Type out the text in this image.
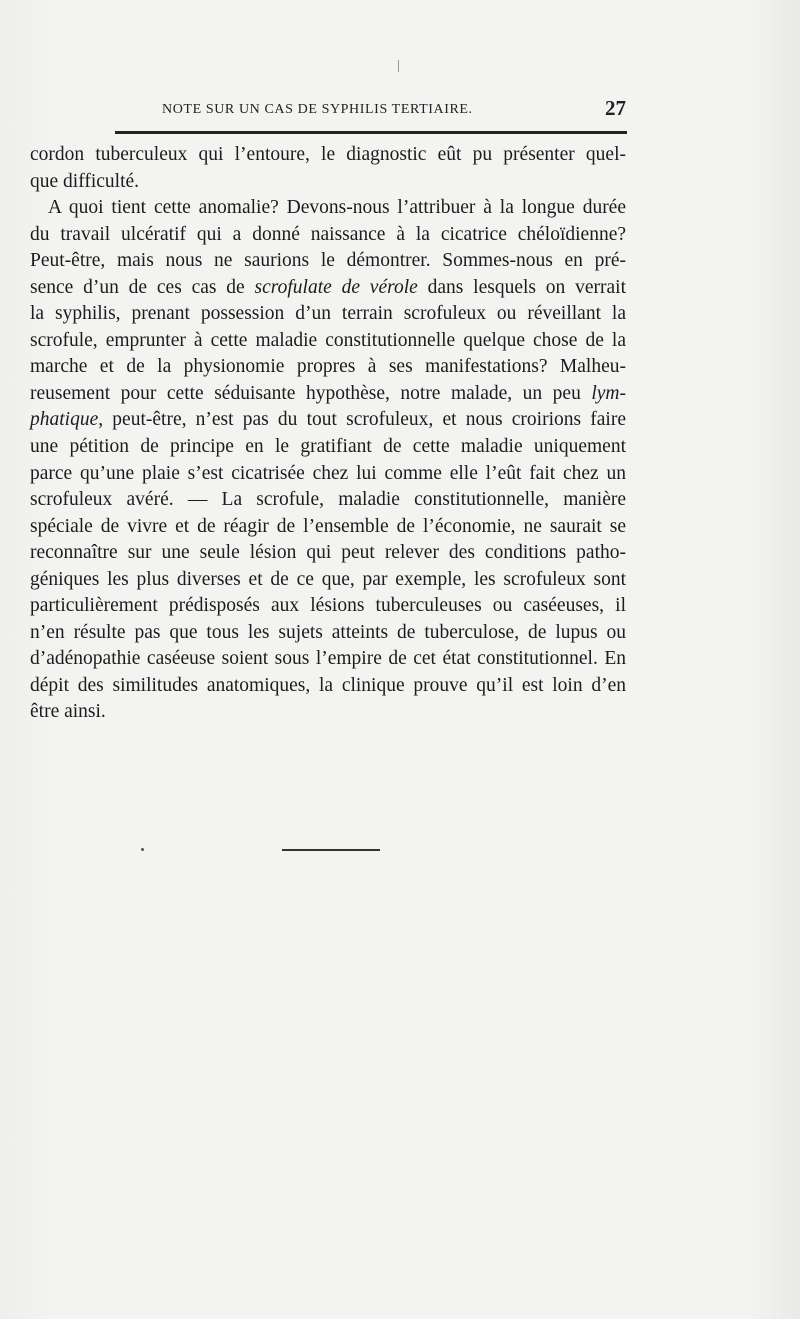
NOTE SUR UN CAS DE SYPHILIS TERTIAIRE.	27
cordon tuberculeux qui l’entoure, le diagnostic eût pu présenter quel-
que difficulté.
A quoi tient cette anomalie? Devons-nous l’attribuer à la longue durée
du travail ulcératif qui a donné naissance à la cicatrice chéloïdienne?
Peut-être, mais nous ne saurions le démontrer. Sommes-nous en pré-
sence d’un de ces cas de scrofulate de vérole dans lesquels on verrait
la syphilis, prenant possession d’un terrain scrofuleux ou réveillant la
scrofule, emprunter à cette maladie constitutionnelle quelque chose de la
marche et de la physionomie propres à ses manifestations? Malheu-
reusement pour cette séduisante hypothèse, notre malade, un peu lym-
phatique, peut-être, n’est pas du tout scrofuleux, et nous croirions faire
une pétition de principe en le gratifiant de cette maladie uniquement
parce qu’une plaie s’est cicatrisée chez lui comme elle l’eût fait chez un
scrofuleux avéré. — La scrofule, maladie constitutionnelle, manière
spéciale de vivre et de réagir de l’ensemble de l’économie, ne saurait se
reconnaître sur une seule lésion qui peut relever des conditions patho-
géniques les plus diverses et de ce que, par exemple, les scrofuleux sont
particulièrement prédisposés aux lésions tuberculeuses ou caséeuses, il
n’en résulte pas que tous les sujets atteints de tuberculose, de lupus ou
d’adénopathie caséeuse soient sous l’empire de cet état constitutionnel. En
dépit des similitudes anatomiques, la clinique prouve qu’il est loin d’en
être ainsi.
